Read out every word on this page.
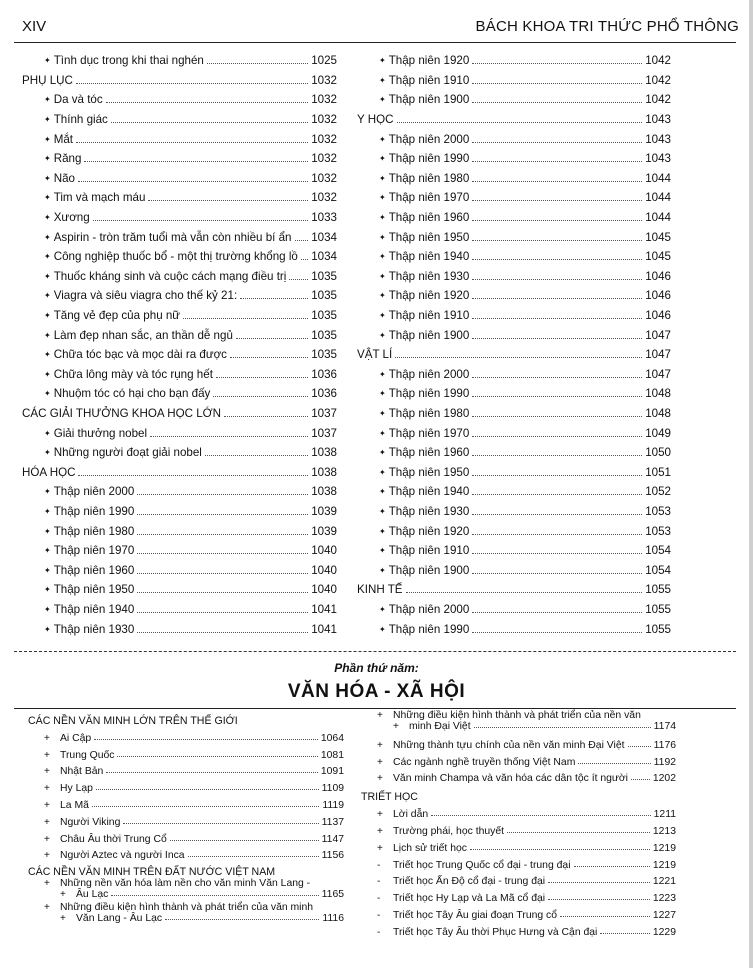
XIV	BÁCH KHOA TRI THỨC PHỔ THÔNG
✦ Tình dục trong khi thai nghén	1025
PHỤ LỤC	1032
✦ Da và tóc	1032
✦ Thính giác	1032
✦ Mắt	1032
✦ Răng	1032
✦ Não	1032
✦ Tim và mạch máu	1032
✦ Xương	1033
✦ Aspirin - tròn trăm tuổi mà vẫn còn nhiều bí ẩn 1034
✦ Công nghiệp thuốc bổ - một thị trường khổng lồ 1034
✦ Thuốc kháng sinh và cuộc cách mạng điều trị 1035
✦ Viagra và siêu viagra cho thế kỷ 21:	1035
✦ Tăng vẻ đẹp của phụ nữ	1035
✦ Làm đẹp nhan sắc, an thần dễ ngủ	1035
✦ Chữa tóc bạc và mọc dài ra được	1035
✦ Chữa lông mày và tóc rụng hết	1036
✦ Nhuộm tóc có hại cho bạn đấy	1036
CÁC GIẢI THƯỞNG KHOA HỌC LỚN	1037
✦ Giải thưởng nobel	1037
✦ Những người đoạt giải nobel	1038
HÓA HỌC	1038
✦ Thập niên 2000	1038
✦ Thập niên 1990	1039
✦ Thập niên 1980	1039
✦ Thập niên 1970	1040
✦ Thập niên 1960	1040
✦ Thập niên 1950	1040
✦ Thập niên 1940	1041
✦ Thập niên 1930	1041
✦ Thập niên 1920	1042
✦ Thập niên 1910	1042
✦ Thập niên 1900	1042
Y HỌC	1043
✦ Thập niên 2000	1043
✦ Thập niên 1990	1043
✦ Thập niên 1980	1044
✦ Thập niên 1970	1044
✦ Thập niên 1960	1044
✦ Thập niên 1950	1045
✦ Thập niên 1940	1045
✦ Thập niên 1930	1046
✦ Thập niên 1920	1046
✦ Thập niên 1910	1046
✦ Thập niên 1900	1047
VẬT LÍ	1047
✦ Thập niên 2000	1047
✦ Thập niên 1990	1048
✦ Thập niên 1980	1048
✦ Thập niên 1970	1049
✦ Thập niên 1960	1050
✦ Thập niên 1950	1051
✦ Thập niên 1940	1052
✦ Thập niên 1930	1053
✦ Thập niên 1920	1053
✦ Thập niên 1910	1054
✦ Thập niên 1900	1054
KINH TẾ	1055
✦ Thập niên 2000	1055
✦ Thập niên 1990	1055
Phần thứ năm:
VĂN HÓA - XÃ HỘI
CÁC NỀN VĂN MINH LỚN TRÊN THẾ GIỚI
+ Ai Cập	1064
+ Trung Quốc	1081
+ Nhật Bản	1091
+ Hy Lạp	1109
+ La Mã	1119
+ Người Viking	1137
+ Châu Âu thời Trung Cổ	1147
+ Người Aztec và người Inca	1156
CÁC NỀN VĂN MINH TRÊN ĐẤT NƯỚC VIỆT NAM
+ Những nền văn hóa làm nền cho văn minh Văn Lang -
+ Âu Lạc	1165
+ Những điều kiện hình thành và phát triển của văn minh
+ Văn Lang - Âu Lạc	1116
+ Những điều kiện hình thành và phát triển của nền văn
+ minh Đại Việt	1174
+ Những thành tựu chính của nền văn minh Đại Việt	1176
+ Các ngành nghề truyền thống Việt Nam	1192
+ Văn minh Champa và văn hóa các dân tộc ít người 1202
TRIẾT HỌC
+ Lời dẫn	1211
+ Trường phái, học thuyết	1213
+ Lịch sử triết học	1219
- Triết học Trung Quốc cổ đại - trung đại	1219
- Triết học Ấn Độ cổ đại - trung đại	1221
- Triết học Hy Lạp và La Mã cổ đại	1223
- Triết học Tây Âu giai đoạn Trung cổ	1227
- Triết học Tây Âu thời Phục Hưng và Cận đại	1229
